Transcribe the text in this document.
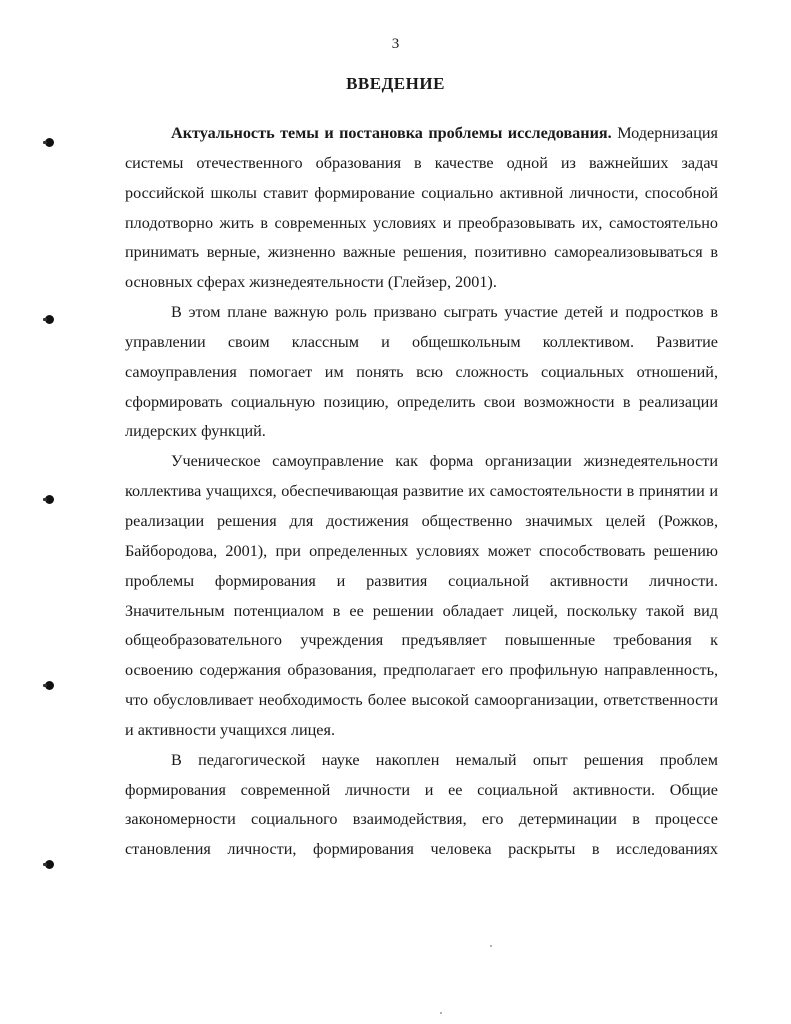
3
ВВЕДЕНИЕ

Актуальность темы и постановка проблемы исследования. Модернизация системы отечественного образования в качестве одной из важнейших задач российской школы ставит формирование социально активной личности, способной плодотворно жить в современных условиях и преобразовывать их, самостоятельно принимать верные, жизненно важные решения, позитивно самореализовываться в основных сферах жизнедеятельности (Глейзер, 2001).

В этом плане важную роль призвано сыграть участие детей и подростков в управлении своим классным и общешкольным коллективом. Развитие самоуправления помогает им понять всю сложность социальных отношений, сформировать социальную позицию, определить свои возможности в реализации лидерских функций.

Ученическое самоуправление как форма организации жизнедеятельности коллектива учащихся, обеспечивающая развитие их самостоятельности в принятии и реализации решения для достижения общественно значимых целей (Рожков, Байбородова, 2001), при определенных условиях может способствовать решению проблемы формирования и развития социальной активности личности. Значительным потенциалом в ее решении обладает лицей, поскольку такой вид общеобразовательного учреждения предъявляет повышенные требования к освоению содержания образования, предполагает его профильную направленность, что обусловливает необходимость более высокой самоорганизации, ответственности и активности учащихся лицея.

В педагогической науке накоплен немалый опыт решения проблем формирования современной личности и ее социальной активности. Общие закономерности социального взаимодействия, его детерминации в процессе становления личности, формирования человека раскрыты в исследованиях
